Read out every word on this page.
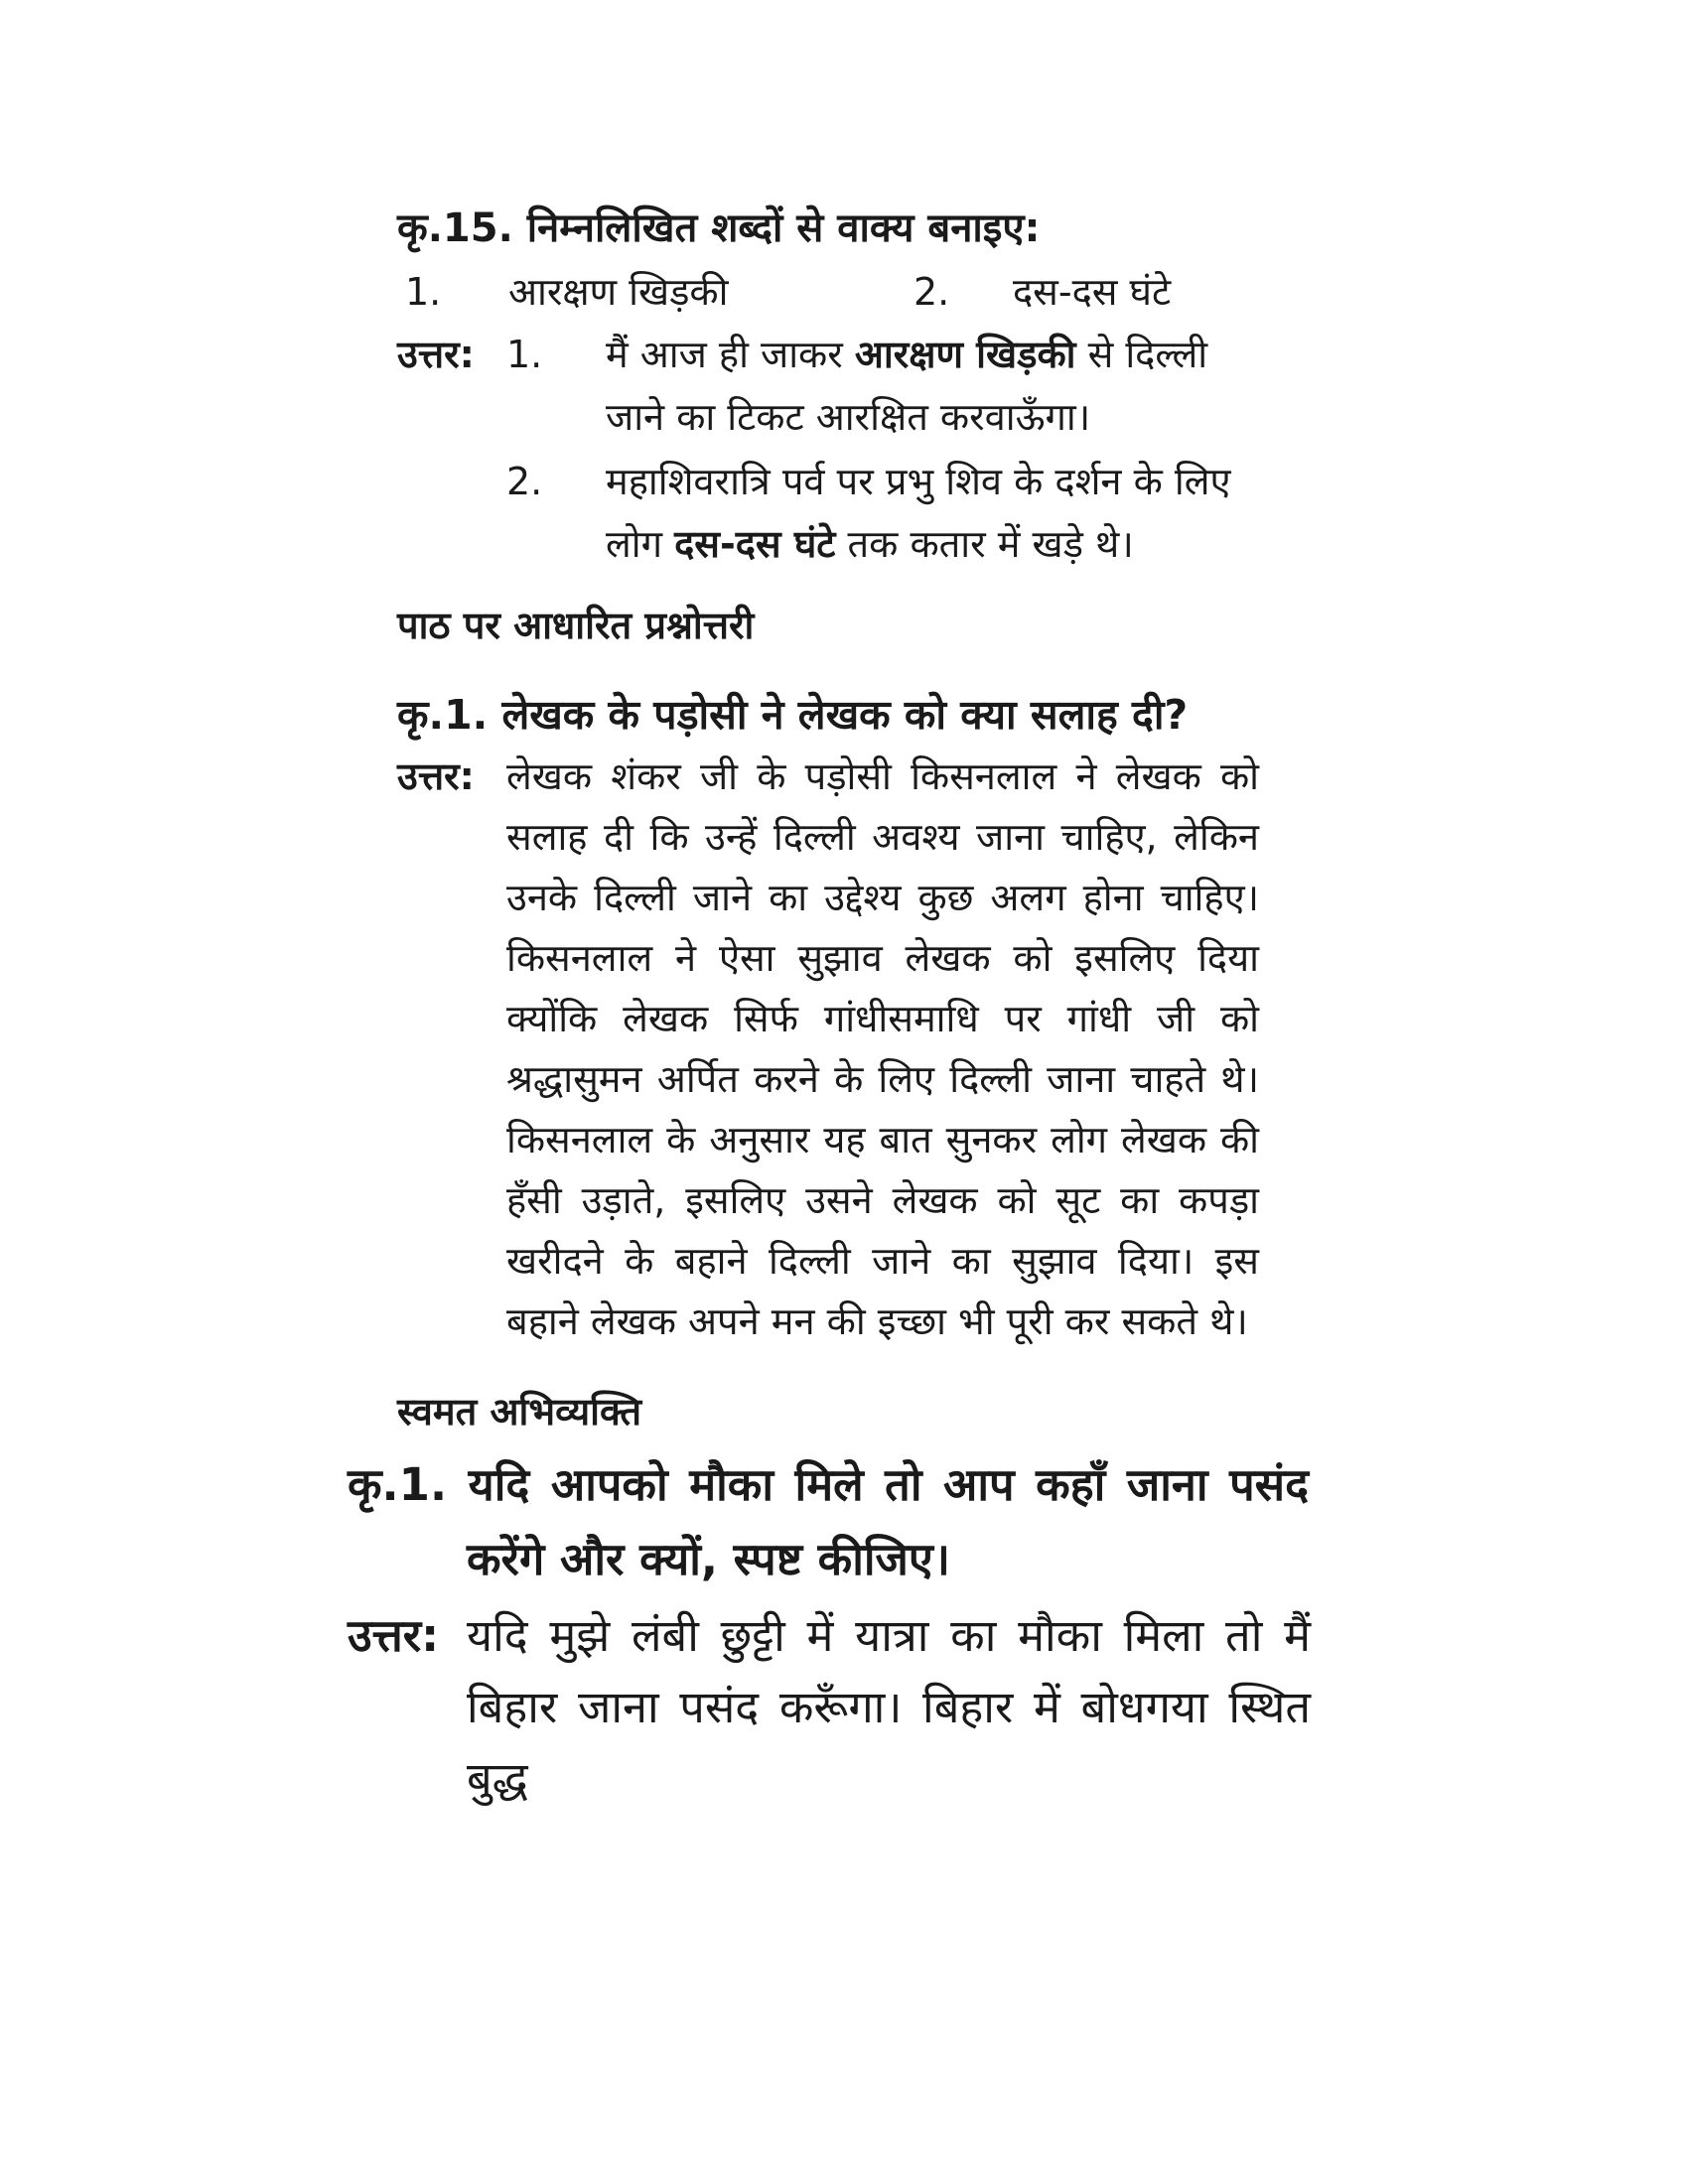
कृ.15. निम्नलिखित शब्दों से वाक्य बनाइए:
1. आरक्षण खिड़की	2. दस-दस घंटे
उत्तर: 1. मैं आज ही जाकर आरक्षण खिड़की से दिल्ली
जाने का टिकट आरक्षित करवाऊँगा।
2. महाशिवरात्रि पर्व पर प्रभु शिव के दर्शन के लिए
लोग दस-दस घंटे तक कतार में खड़े थे।
पाठ पर आधारित प्रश्नोत्तरी
कृ.1. लेखक के पड़ोसी ने लेखक को क्या सलाह दी?
उत्तर: लेखक शंकर जी के पड़ोसी किसनलाल ने लेखक को
सलाह दी कि उन्हें दिल्ली अवश्य जाना चाहिए, लेकिन
उनके दिल्ली जाने का उद्देश्य कुछ अलग होना चाहिए।
किसनलाल ने ऐसा सुझाव लेखक को इसलिए दिया
क्योंकि लेखक सिर्फ गांधीसमाधि पर गांधी जी को
श्रद्धासुमन अर्पित करने के लिए दिल्ली जाना चाहते थे।
किसनलाल के अनुसार यह बात सुनकर लोग लेखक की
हँसी उड़ाते, इसलिए उसने लेखक को सूट का कपड़ा
खरीदने के बहाने दिल्ली जाने का सुझाव दिया। इस
बहाने लेखक अपने मन की इच्छा भी पूरी कर सकते थे।
स्वमत अभिव्यक्ति
कृ.1. यदि आपको मौका मिले तो आप कहाँ जाना पसंद
करेंगे और क्यों, स्पष्ट कीजिए।
उत्तर: यदि मुझे लंबी छुट्टी में यात्रा का मौका मिला तो मैं
बिहार जाना पसंद करूँगा। बिहार में बोधगया स्थित बुद्ध
